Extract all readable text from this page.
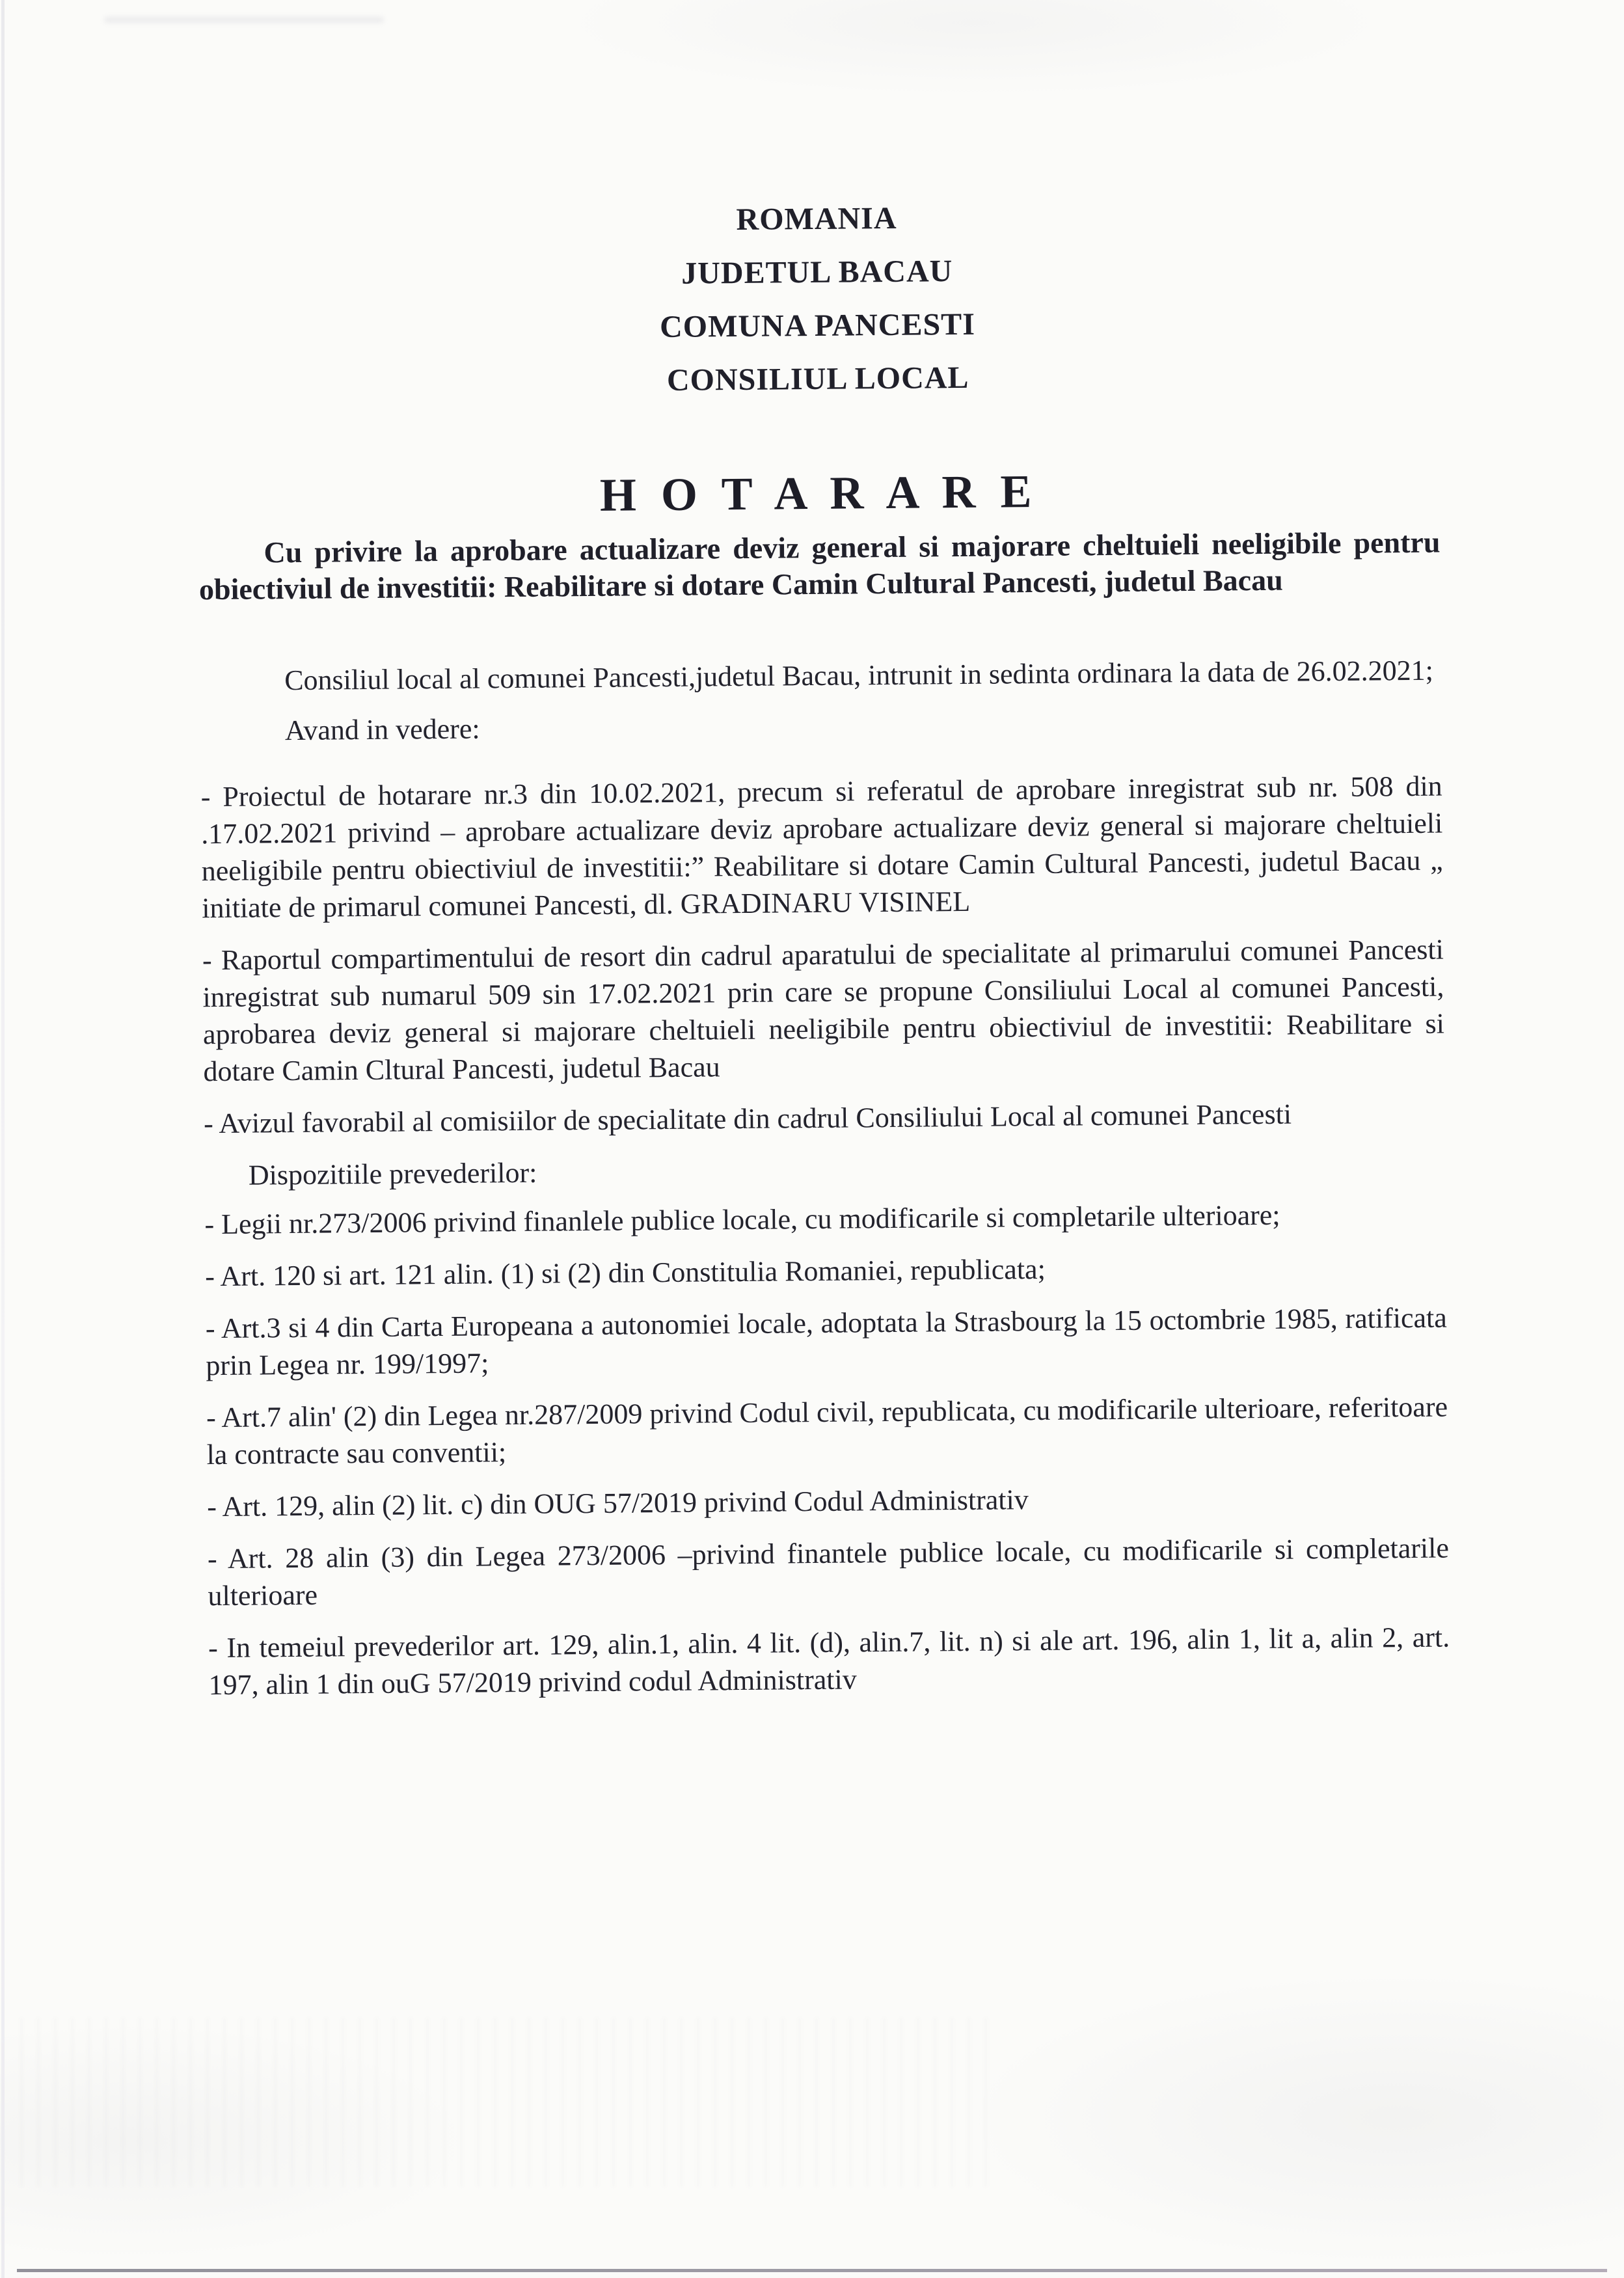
ROMANIA

JUDETUL BACAU

COMUNA PANCESTI

CONSILIUL LOCAL

H O T A R A R E

Cu privire la aprobare actualizare deviz general si majorare cheltuieli neeligibile pentru obiectiviul de investitii: Reabilitare si dotare Camin Cultural Pancesti, judetul Bacau

Consiliul local al comunei Pancesti,judetul Bacau, intrunit in sedinta ordinara la data de 26.02.2021;

Avand in vedere:

- Proiectul de hotarare nr.3 din 10.02.2021, precum si referatul de aprobare inregistrat sub nr. 508 din .17.02.2021 privind – aprobare actualizare deviz aprobare actualizare deviz general si majorare cheltuieli neeligibile pentru obiectiviul de investitii:” Reabilitare si dotare Camin Cultural Pancesti, judetul Bacau „ initiate de primarul comunei Pancesti, dl. GRADINARU VISINEL

- Raportul compartimentului de resort din cadrul aparatului de specialitate al primarului comunei Pancesti inregistrat sub numarul 509 sin 17.02.2021 prin care se propune Consiliului Local al comunei Pancesti, aprobarea deviz general si majorare cheltuieli neeligibile pentru obiectiviul de investitii: Reabilitare si dotare Camin Cltural Pancesti, judetul Bacau

- Avizul favorabil al comisiilor de specialitate din cadrul Consiliului Local al comunei Pancesti

Dispozitiile prevederilor:

- Legii nr.273/2006 privind finanlele publice locale, cu modificarile si completarile ulterioare;

- Art. 120 si art. 121 alin. (1) si (2) din Constitulia Romaniei, republicata;

- Art.3 si 4 din Carta Europeana a autonomiei locale, adoptata la Strasbourg la 15 octombrie 1985, ratificata prin Legea nr. 199/1997;

- Art.7 alin' (2) din Legea nr.287/2009 privind Codul civil, republicata, cu modificarile ulterioare, referitoare la contracte sau conventii;

- Art. 129, alin (2) lit. c) din OUG 57/2019 privind Codul Administrativ

- Art. 28 alin (3) din Legea 273/2006 –privind finantele publice locale, cu modificarile si completarile ulterioare

- In temeiul prevederilor art. 129, alin.1, alin. 4 lit. (d), alin.7, lit. n) si ale art. 196, alin 1, lit a, alin 2, art. 197, alin 1 din ouG 57/2019 privind codul Administrativ
